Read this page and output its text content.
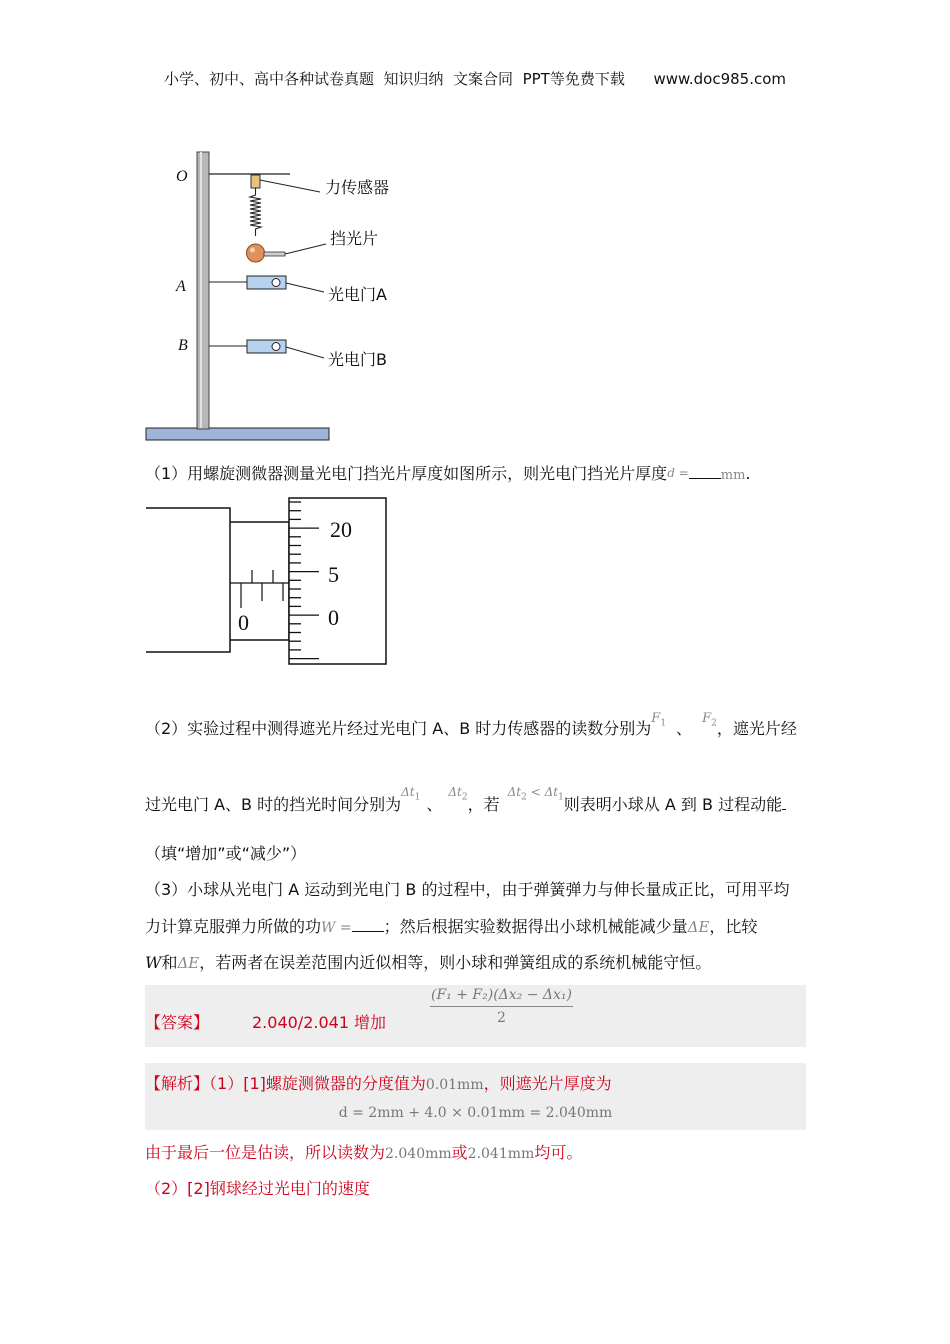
小学、初中、高中各种试卷真题  知识归纳  文案合同  PPT等免费下载 www.doc985.com
O
A
B
力传感器
挡光片
光电门A
光电门B
（1）用螺旋测微器测量光电门挡光片厚度如图所示，则光电门挡光片厚度$^{d =}$ mm.
0
20
5
0
（2）实验过程中测得遮光片经过光电门 A、B 时力传感器的读数分别为$^{F_1}$ 、$^{F_2}$，遮光片经
过光电门 A、B 时的挡光时间分别为$^{\Delta t_1}$ 、$^{\Delta t_2}$，若$^{\Delta t_2 < \Delta t_1}$则表明小球从 A 到 B 过程动能
（填“增加”或“减少”）
（3）小球从光电门 A 运动到光电门 B 的过程中，由于弹簧弹力与伸长量成正比，可用平均
力计算克服弹力所做的功W = ；然后根据实验数据得出小球机械能减少量ΔE，比较
W和ΔE，若两者在误差范围内近似相等，则小球和弹簧组成的系统机械能守恒。
【答案】	2.040/2.041 增加	$\frac{\text{(F₁ + F₂)(Δx₂ − Δx₁)}}{2}$
【解析】（1）[1]螺旋测微器的分度值为0.01mm，则遮光片厚度为
d = 2mm + 4.0 × 0.01mm = 2.040mm
由于最后一位是估读，所以读数为2.040mm或2.041mm均可。
（2）[2]钢球经过光电门的速度
